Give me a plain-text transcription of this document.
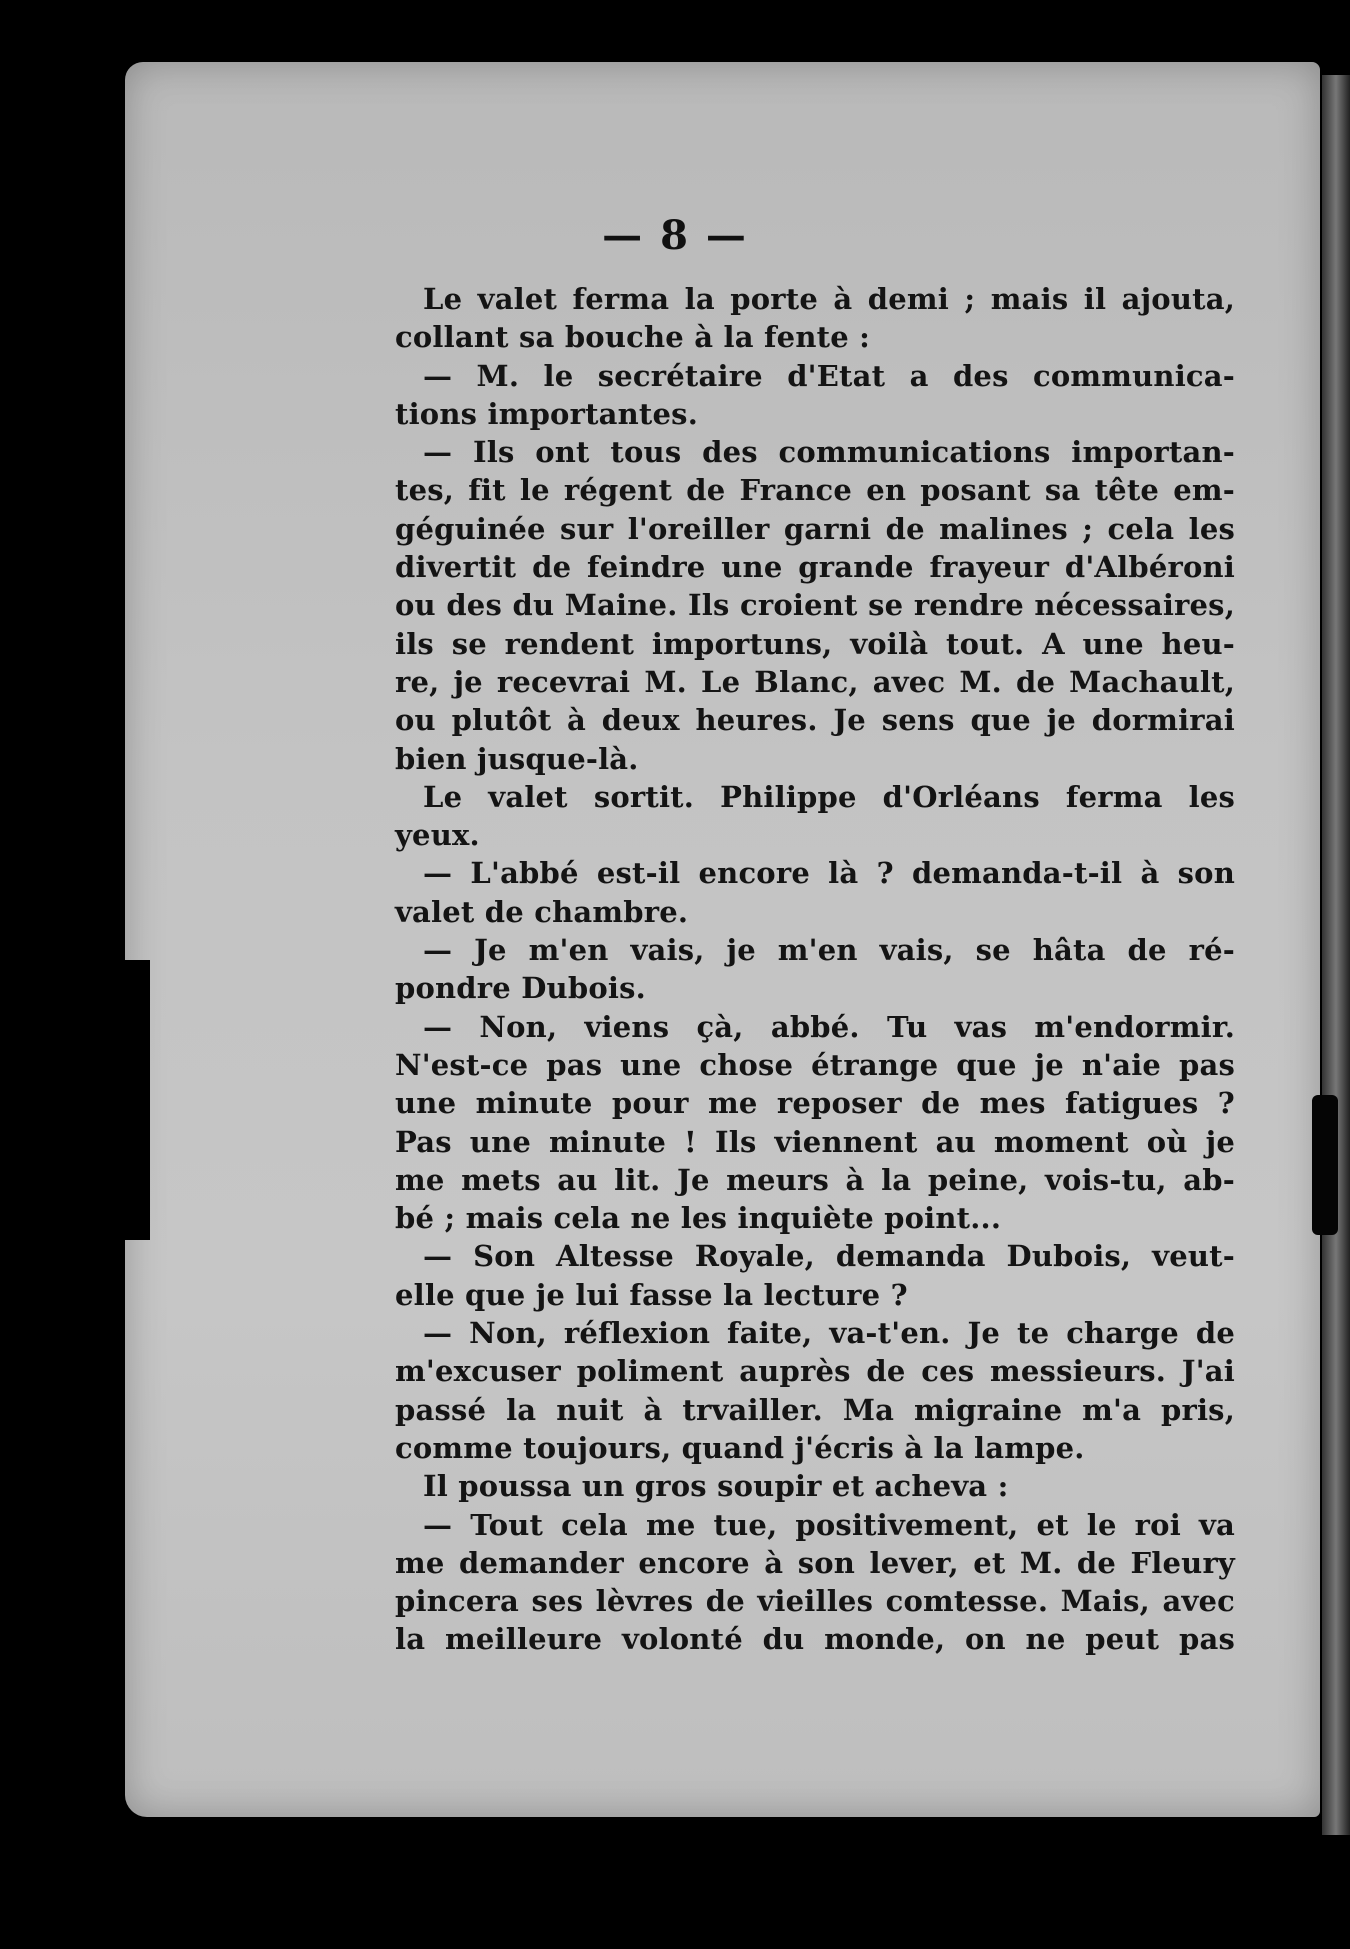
— 8 —
Le valet ferma la porte à demi ; mais il ajouta,
collant sa bouche à la fente :
— M. le secrétaire d'Etat a des communica-
tions importantes.
— Ils ont tous des communications importan-
tes, fit le régent de France en posant sa tête em-
géguinée sur l'oreiller garni de malines ; cela les
divertit de feindre une grande frayeur d'Albéroni
ou des du Maine. Ils croient se rendre nécessaires,
ils se rendent importuns, voilà tout. A une heu-
re, je recevrai M. Le Blanc, avec M. de Machault,
ou plutôt à deux heures. Je sens que je dormirai
bien jusque-là.
Le valet sortit. Philippe d'Orléans ferma les
yeux.
— L'abbé est-il encore là ? demanda-t-il à son
valet de chambre.
— Je m'en vais, je m'en vais, se hâta de ré-
pondre Dubois.
— Non, viens çà, abbé. Tu vas m'endormir.
N'est-ce pas une chose étrange que je n'aie pas
une minute pour me reposer de mes fatigues ?
Pas une minute ! Ils viennent au moment où je
me mets au lit. Je meurs à la peine, vois-tu, ab-
bé ; mais cela ne les inquiète point...
— Son Altesse Royale, demanda Dubois, veut-
elle que je lui fasse la lecture ?
— Non, réflexion faite, va-t'en. Je te charge de
m'excuser poliment auprès de ces messieurs. J'ai
passé la nuit à trvailler. Ma migraine m'a pris,
comme toujours, quand j'écris à la lampe.
Il poussa un gros soupir et acheva :
— Tout cela me tue, positivement, et le roi va
me demander encore à son lever, et M. de Fleury
pincera ses lèvres de vieilles comtesse. Mais, avec
la meilleure volonté du monde, on ne peut pas
